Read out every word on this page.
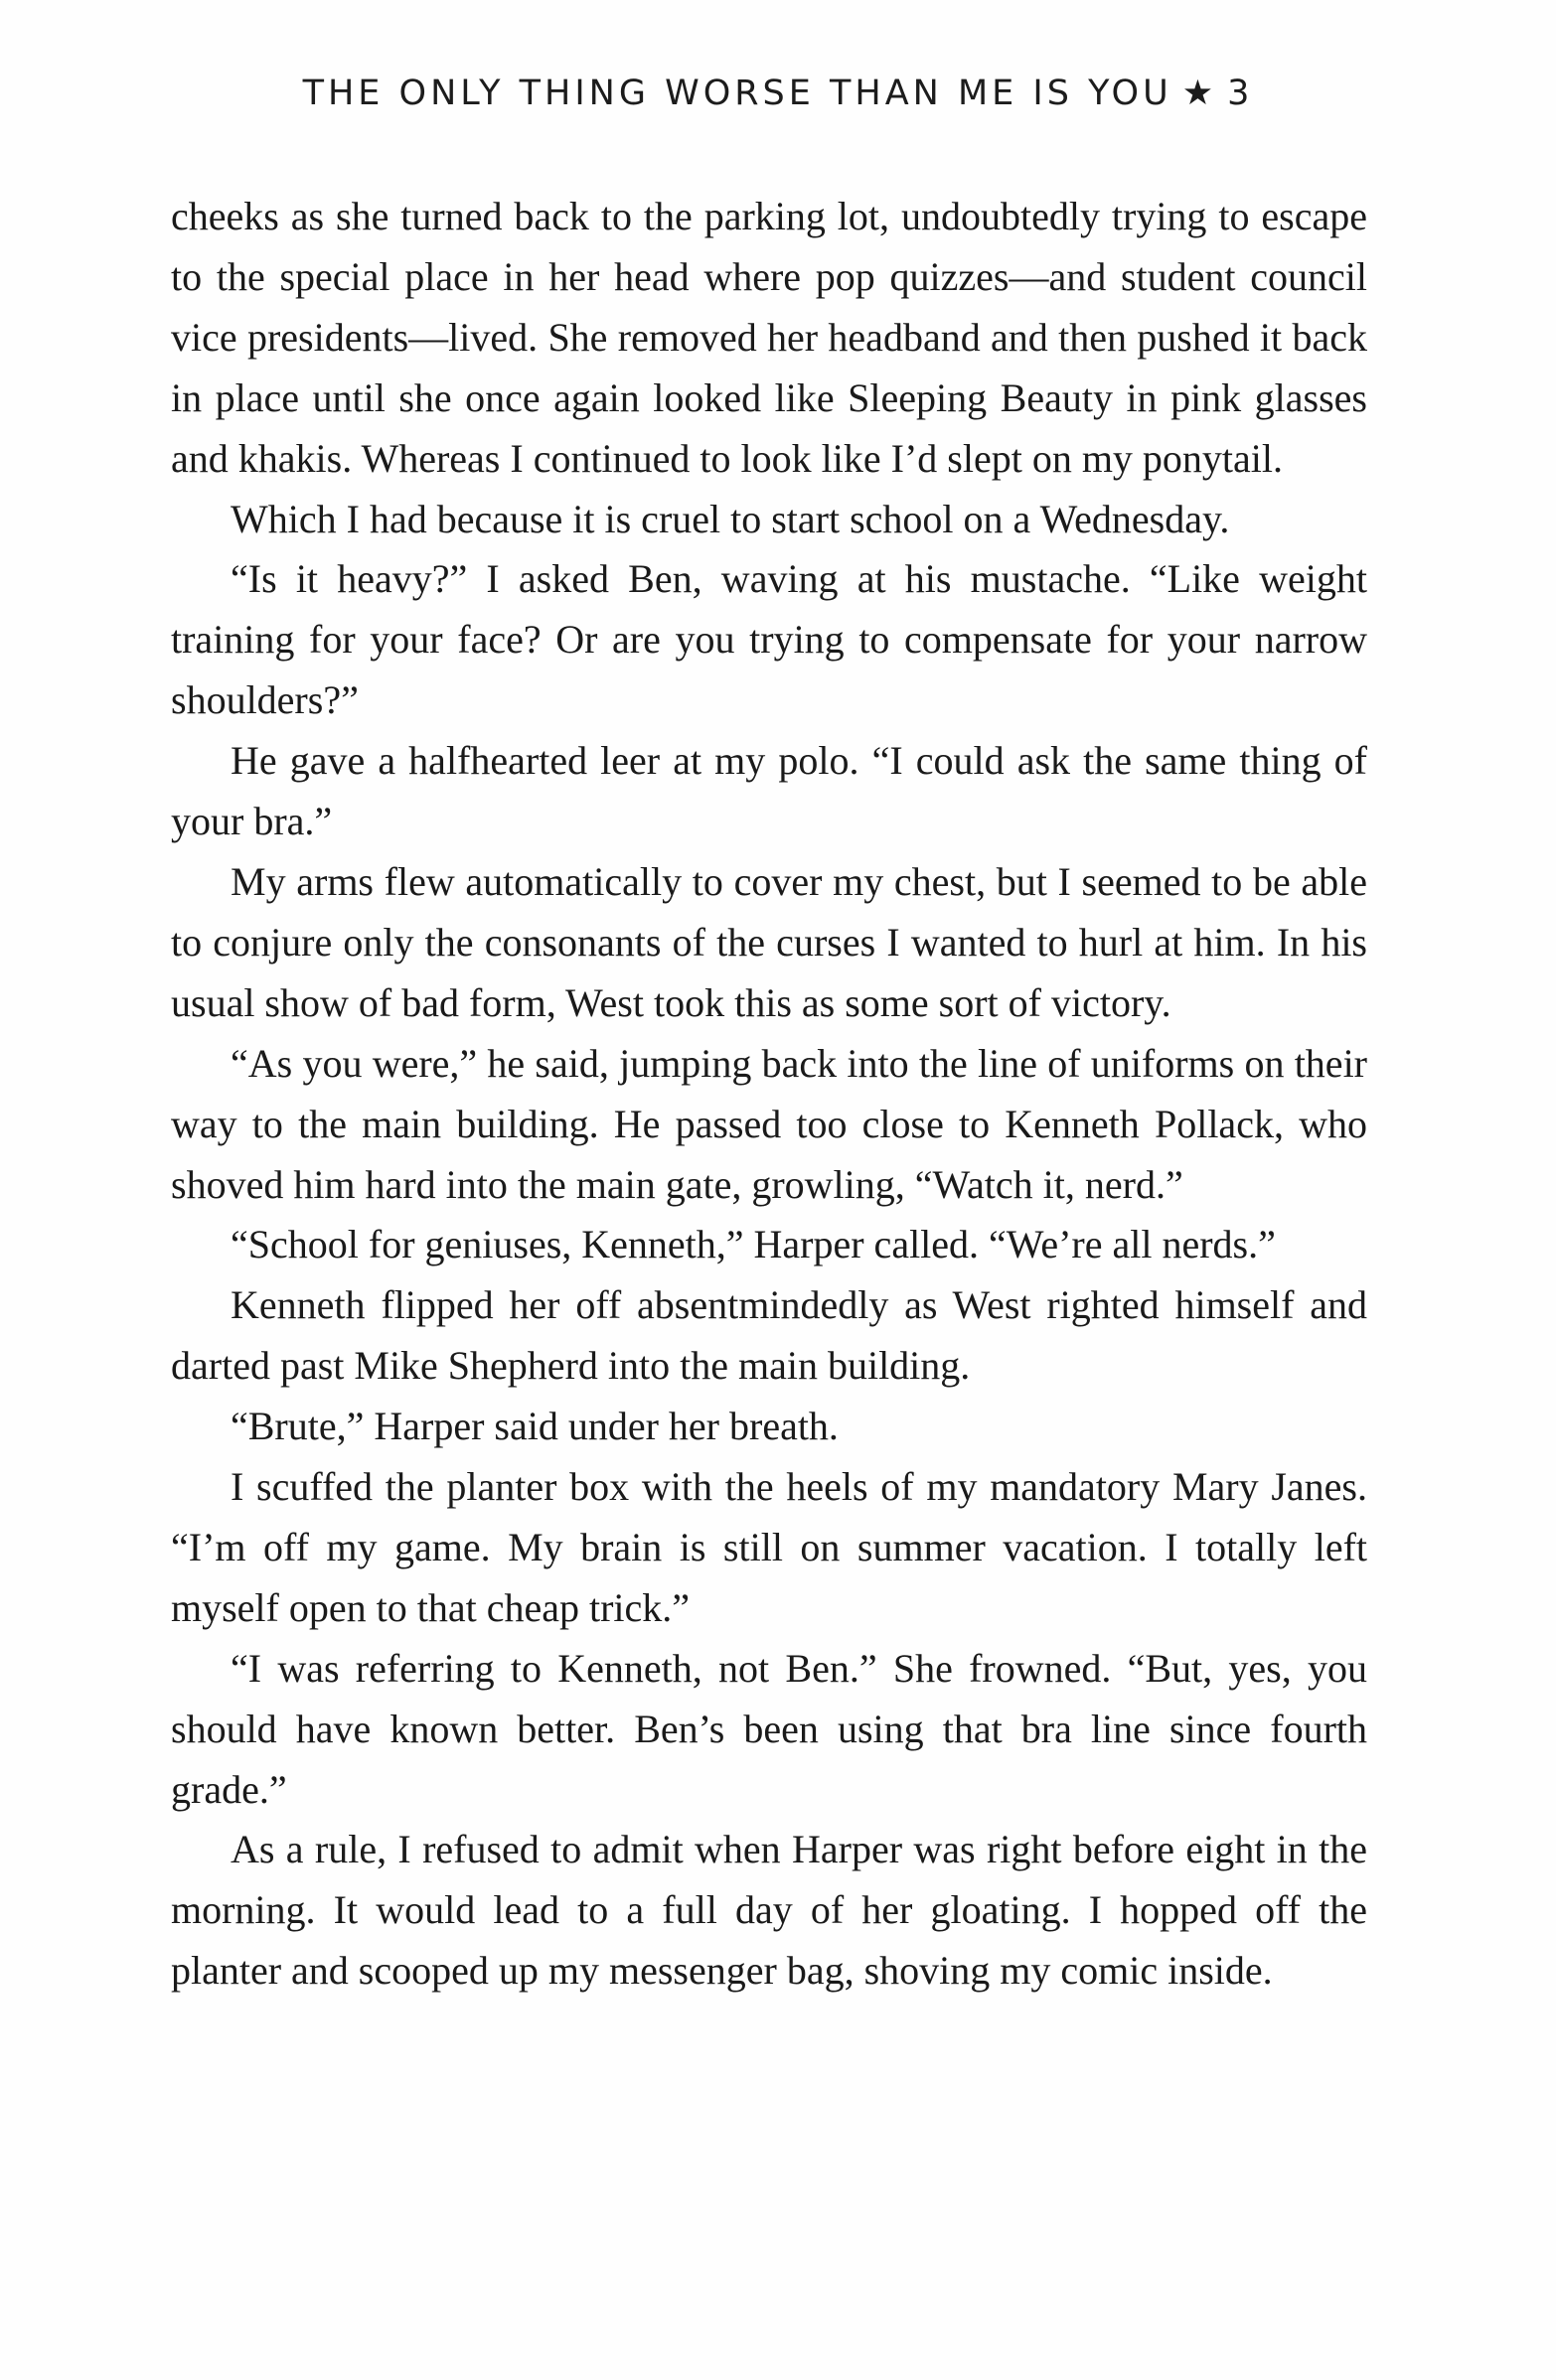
THE ONLY THING WORSE THAN ME IS YOU ★ 3

cheeks as she turned back to the parking lot, undoubtedly trying to escape to the special place in her head where pop quizzes—and student council vice presidents—lived. She removed her headband and then pushed it back in place until she once again looked like Sleeping Beauty in pink glasses and khakis. Whereas I continued to look like I’d slept on my ponytail.

Which I had because it is cruel to start school on a Wednesday.

“Is it heavy?” I asked Ben, waving at his mustache. “Like weight training for your face? Or are you trying to compensate for your narrow shoulders?”

He gave a halfhearted leer at my polo. “I could ask the same thing of your bra.”

My arms flew automatically to cover my chest, but I seemed to be able to conjure only the consonants of the curses I wanted to hurl at him. In his usual show of bad form, West took this as some sort of victory.

“As you were,” he said, jumping back into the line of uniforms on their way to the main building. He passed too close to Kenneth Pollack, who shoved him hard into the main gate, growling, “Watch it, nerd.”

“School for geniuses, Kenneth,” Harper called. “We’re all nerds.”

Kenneth flipped her off absentmindedly as West righted himself and darted past Mike Shepherd into the main building.

“Brute,” Harper said under her breath.

I scuffed the planter box with the heels of my mandatory Mary Janes. “I’m off my game. My brain is still on summer vacation. I totally left myself open to that cheap trick.”

“I was referring to Kenneth, not Ben.” She frowned. “But, yes, you should have known better. Ben’s been using that bra line since fourth grade.”

As a rule, I refused to admit when Harper was right before eight in the morning. It would lead to a full day of her gloating. I hopped off the planter and scooped up my messenger bag, shoving my comic inside.
